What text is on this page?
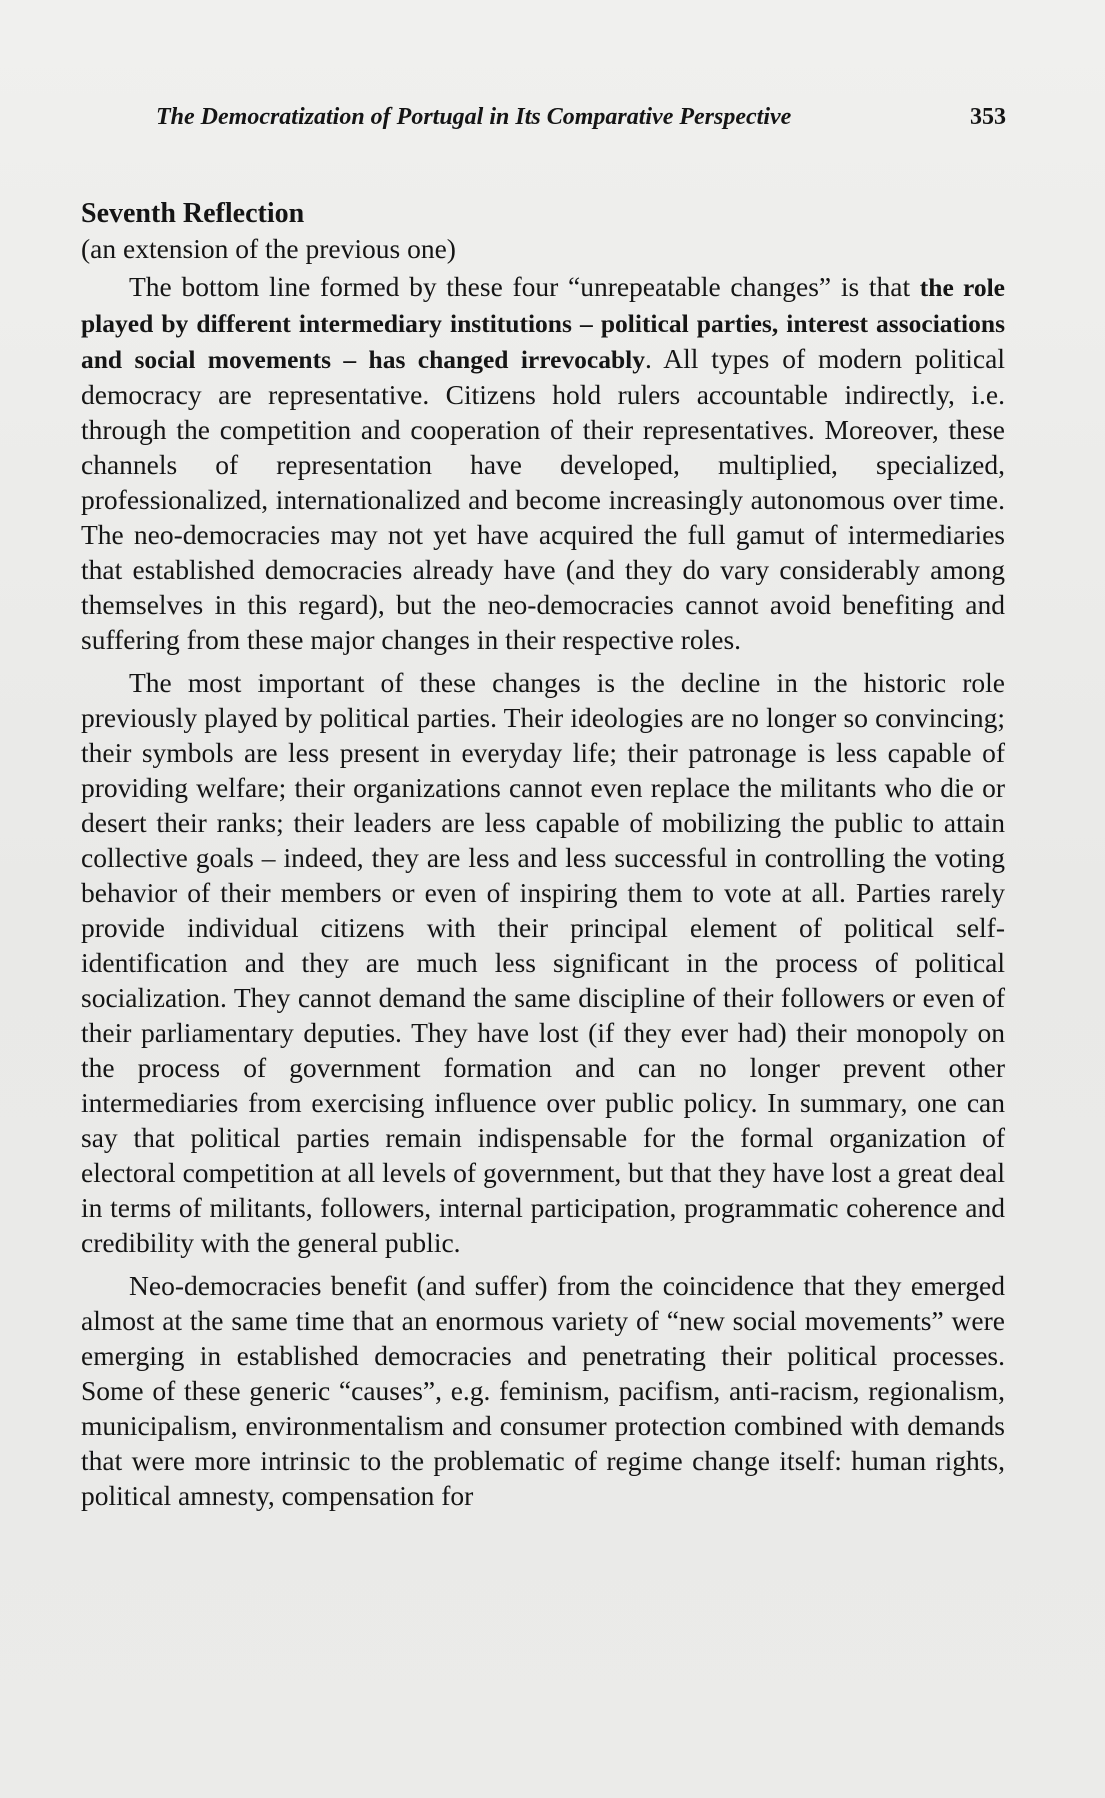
The Democratization of Portugal in Its Comparative Perspective	353

Seventh Reflection

(an extension of the previous one)

The bottom line formed by these four “unrepeatable changes” is that the role played by different intermediary institutions – political parties, interest associations and social movements – has changed irrevocably. All types of modern political democracy are representative. Citizens hold rulers accountable indirectly, i.e. through the competition and cooperation of their representatives. Moreover, these channels of representation have developed, multiplied, specialized, professionalized, internationalized and become increasingly autonomous over time. The neo-democracies may not yet have acquired the full gamut of intermediaries that established democracies already have (and they do vary considerably among themselves in this regard), but the neo-democracies cannot avoid benefiting and suffering from these major changes in their respective roles.

The most important of these changes is the decline in the historic role previously played by political parties. Their ideologies are no longer so convincing; their symbols are less present in everyday life; their patronage is less capable of providing welfare; their organizations cannot even replace the militants who die or desert their ranks; their leaders are less capable of mobilizing the public to attain collective goals – indeed, they are less and less successful in controlling the voting behavior of their members or even of inspiring them to vote at all. Parties rarely provide individual citizens with their principal element of political self-identification and they are much less significant in the process of political socialization. They cannot demand the same discipline of their followers or even of their parliamentary deputies. They have lost (if they ever had) their monopoly on the process of government formation and can no longer prevent other intermediaries from exercising influence over public policy. In summary, one can say that political parties remain indispensable for the formal organization of electoral competition at all levels of government, but that they have lost a great deal in terms of militants, followers, internal participation, programmatic coherence and credibility with the general public.

Neo-democracies benefit (and suffer) from the coincidence that they emerged almost at the same time that an enormous variety of “new social movements” were emerging in established democracies and penetrating their political processes. Some of these generic “causes”, e.g. feminism, pacifism, anti-racism, regionalism, municipalism, environmentalism and consumer protection combined with demands that were more intrinsic to the problematic of regime change itself: human rights, political amnesty, compensation for
